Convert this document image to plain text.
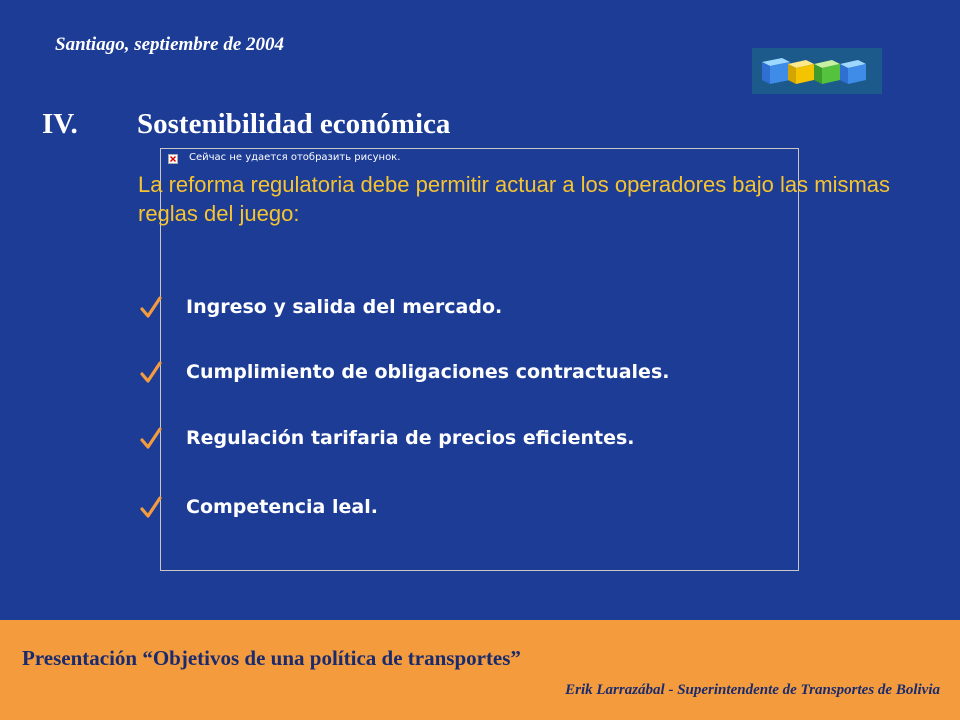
Santiago, septiembre de 2004
IV. Sostenibilidad económica
Сейчас не удается отобразить рисунок.
La reforma regulatoria debe permitir actuar a los operadores bajo las mismas reglas del juego:
Ingreso y salida del mercado.
Cumplimiento de obligaciones contractuales.
Regulación tarifaria de precios eficientes.
Competencia leal.
Presentación “Objetivos de una política de transportes”
Erik Larrazábal - Superintendente de Transportes de Bolivia
